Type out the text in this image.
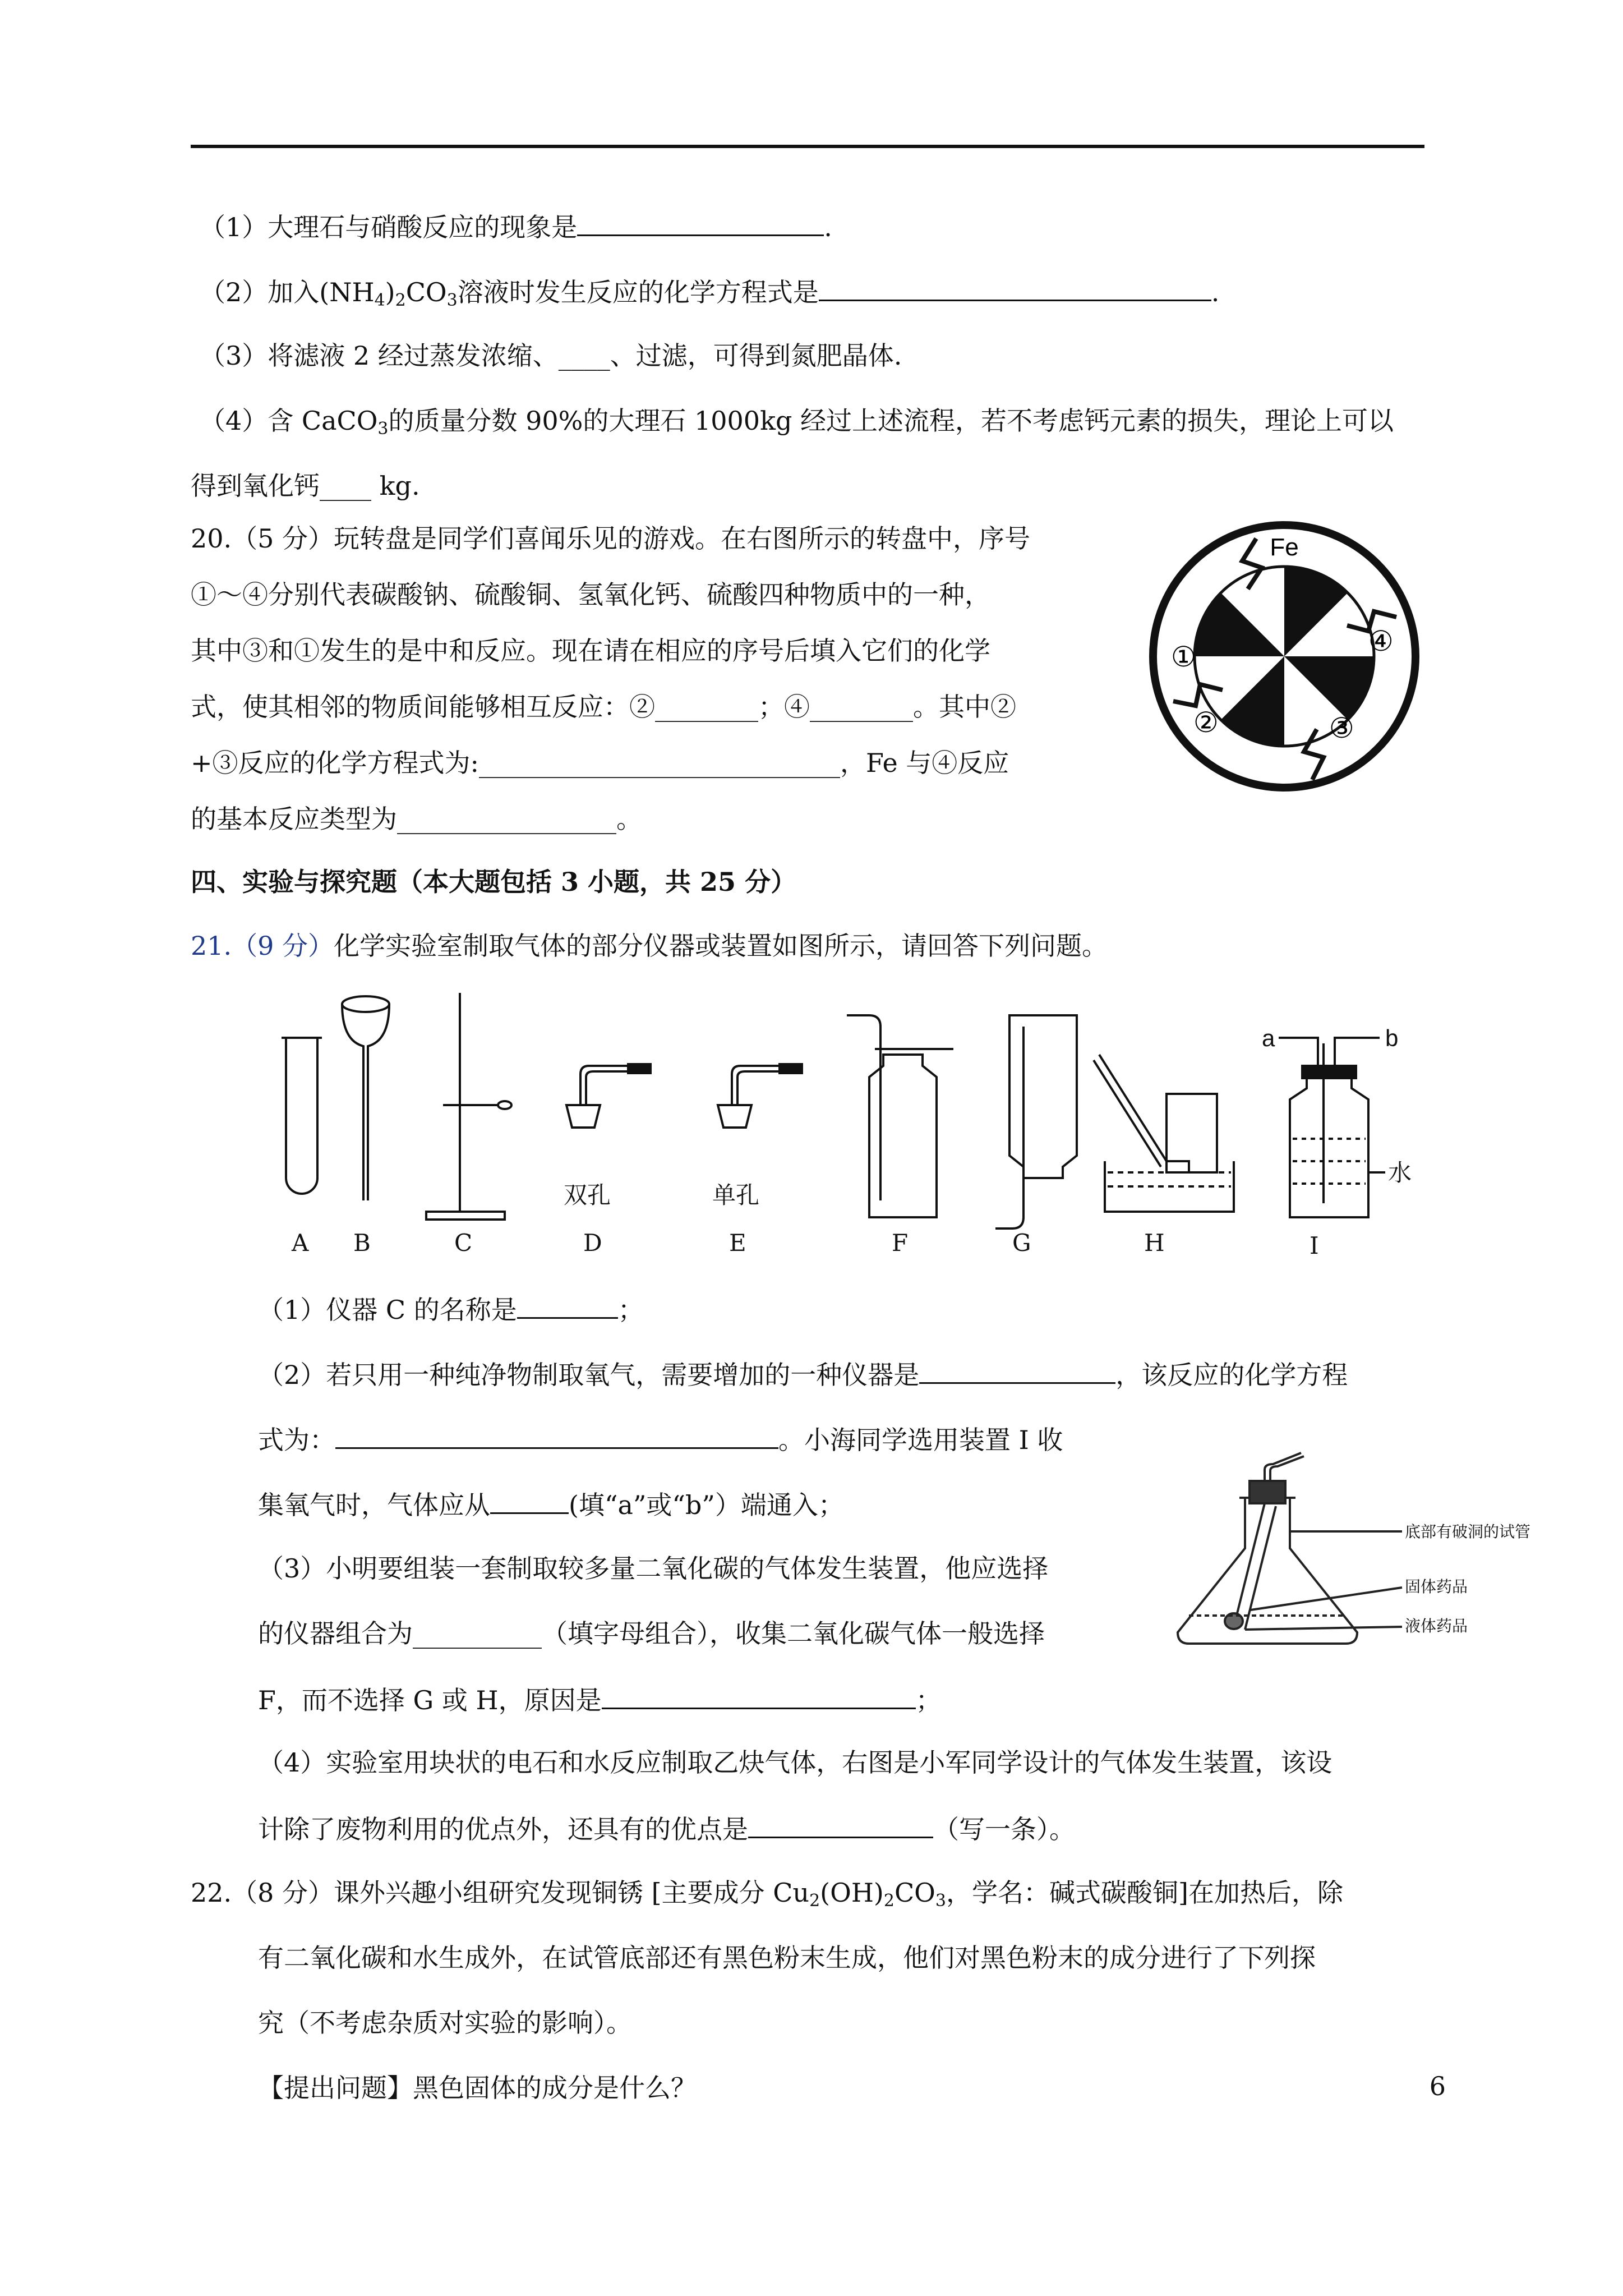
（1）大理石与硝酸反应的现象是	.
（2）加入$(NH_4)_2CO_3$溶液时发生反应的化学方程式是	.
（3）将滤液 2 经过蒸发浓缩、____、过滤，可得到氮肥晶体.
（4）含 CaCO$_3$的质量分数 90%的大理石 1000kg 经过上述流程，若不考虑钙元素的损失，理论上可以
得到氧化钙____ kg.
20.（5 分）玩转盘是同学们喜闻乐见的游戏。在右图所示的转盘中，序号
①～④分别代表碳酸钠、硫酸铜、氢氧化钙、硫酸四种物质中的一种，
其中③和①发生的是中和反应。现在请在相应的序号后填入它们的化学
式，使其相邻的物质间能够相互反应：②________；④________。其中②
+③反应的化学方程式为:____________________________，Fe 与④反应
的基本反应类型为_________________。
Fe
①	④
②	③
四、实验与探究题（本大题包括 3 小题，共 25 分）
21.（9 分）化学实验室制取气体的部分仪器或装置如图所示，请回答下列问题。
A B	C	D	E	F	G	H	I
双孔	单孔
a	b
水
（1）仪器 C 的名称是	；
（2）若只用一种纯净物制取氧气，需要增加的一种仪器是	，该反应的化学方程
式为：	。小海同学选用装置 I 收
集氧气时，气体应从	(填“a”或“b”）端通入；
（3）小明要组装一套制取较多量二氧化碳的气体发生装置，他应选择
的仪器组合为__________（填字母组合），收集二氧化碳气体一般选择
F，而不选择 G 或 H，原因是	；
底部有破洞的试管
固体药品
液体药品
（4）实验室用块状的电石和水反应制取乙炔气体，右图是小军同学设计的气体发生装置，该设
计除了废物利用的优点外，还具有的优点是	（写一条）。
22.（8 分）课外兴趣小组研究发现铜锈 [主要成分 $Cu_2(OH)_2CO_3$，学名：碱式碳酸铜]在加热后，除
有二氧化碳和水生成外，在试管底部还有黑色粉末生成，他们对黑色粉末的成分进行了下列探
究（不考虑杂质对实验的影响）。
【提出问题】黑色固体的成分是什么？	6
